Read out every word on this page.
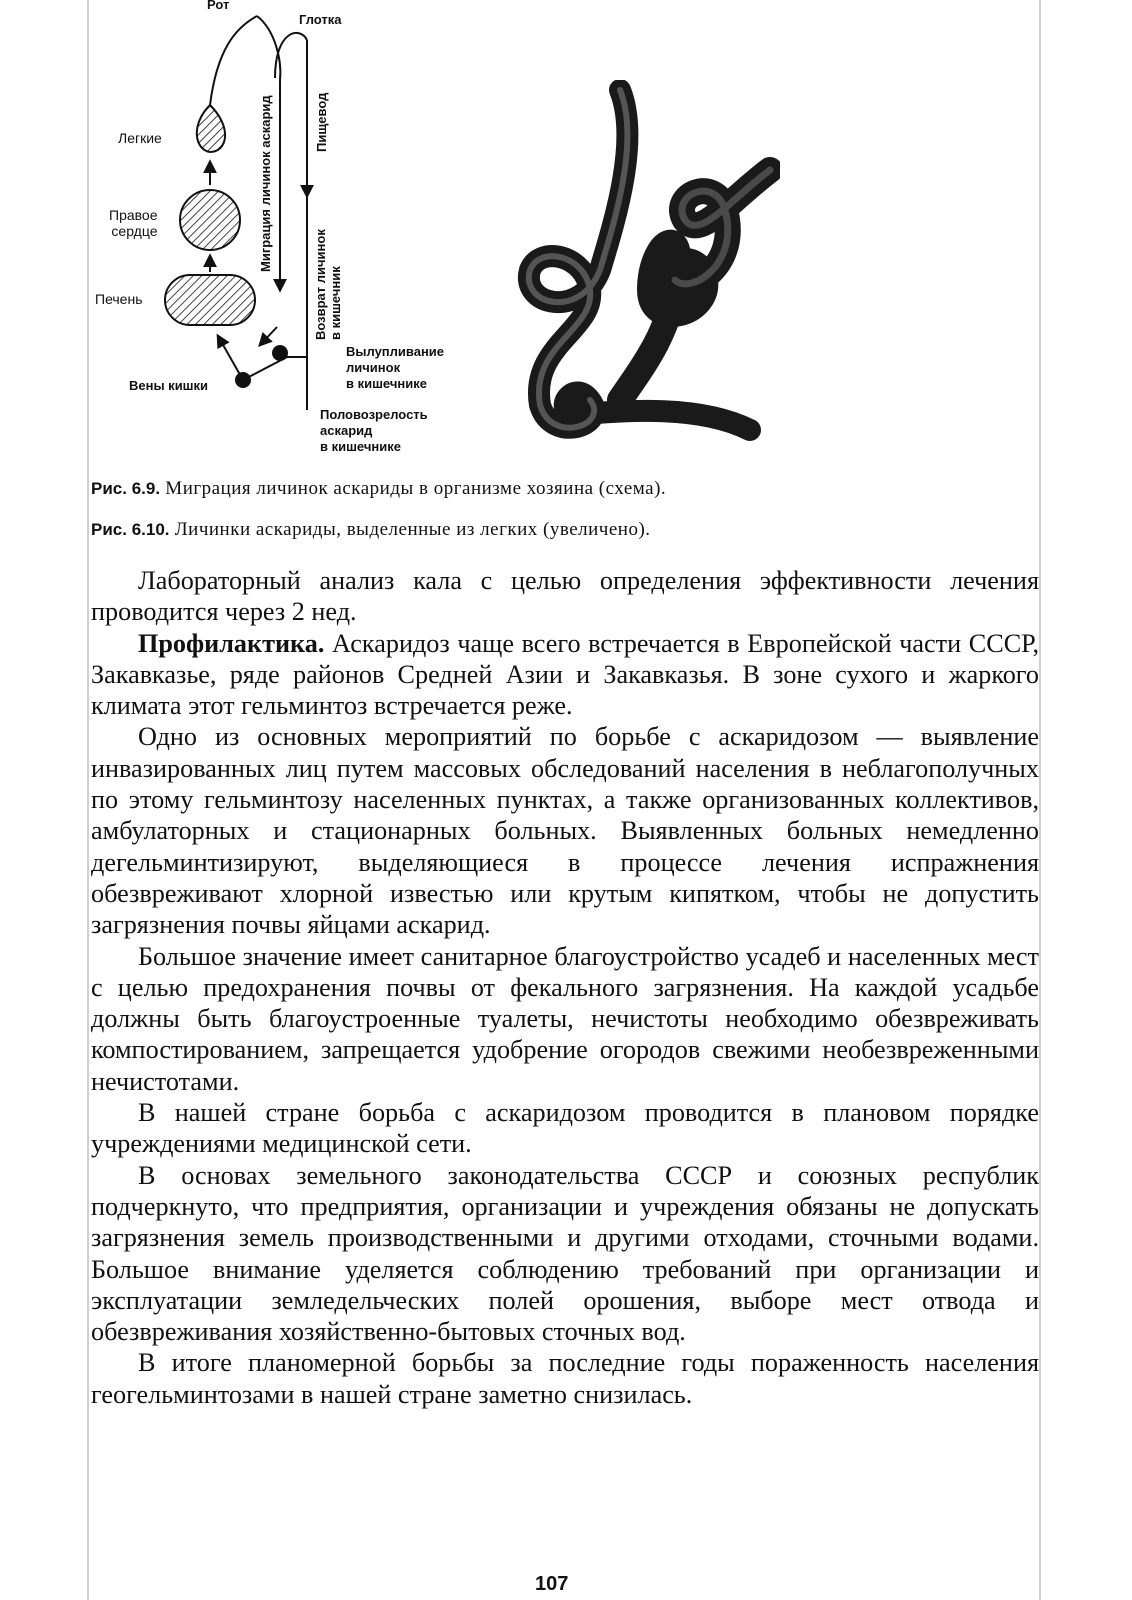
Рот
Глотка
Легкие
Правое
сердце
Печень
Вены кишки
Вылупливание
личинок
в кишечнике
Половозрелость
аскарид
в кишечнике
Миграция личинок аскарид	Пищевод
Возврат личинок
в кишечник
Рис. 6.9. Миграция личинок аскариды в организме хозяина (схема).
Рис. 6.10. Личинки аскариды, выделенные из легких (увеличено).

Лабораторный анализ кала с целью определения эффективности лечения проводится через 2 нед.

Профилактика. Аскаридоз чаще всего встречается в Европейской части СССР, Закавказье, ряде районов Средней Азии и Закавказья. В зоне сухого и жаркого климата этот гельминтоз встречается реже.

Одно из основных мероприятий по борьбе с аскаридозом — выявление инвазированных лиц путем массовых обследований населения в неблагополучных по этому гельминтозу населенных пунктах, а также организованных коллективов, амбулаторных и стационарных больных. Выявленных больных немедленно дегельминтизируют, выделяющиеся в процессе лечения испражнения обезвреживают хлорной известью или крутым кипятком, чтобы не допустить загрязнения почвы яйцами аскарид.

Большое значение имеет санитарное благоустройство усадеб и населенных мест с целью предохранения почвы от фекального загрязнения. На каждой усадьбе должны быть благоустроенные туалеты, нечистоты необходимо обезвреживать компостированием, запрещается удобрение огородов свежими необезвреженными нечистотами.

В нашей стране борьба с аскаридозом проводится в плановом порядке учреждениями медицинской сети.

В основах земельного законодательства СССР и союзных республик подчеркнуто, что предприятия, организации и учреждения обязаны не допускать загрязнения земель производственными и другими отходами, сточными водами. Большое внимание уделяется соблюдению требований при организации и эксплуатации земледельческих полей орошения, выборе мест отвода и обезвреживания хозяйственно-бытовых сточных вод.

В итоге планомерной борьбы за последние годы пораженность населения геогельминтозами в нашей стране заметно снизилась.

107
